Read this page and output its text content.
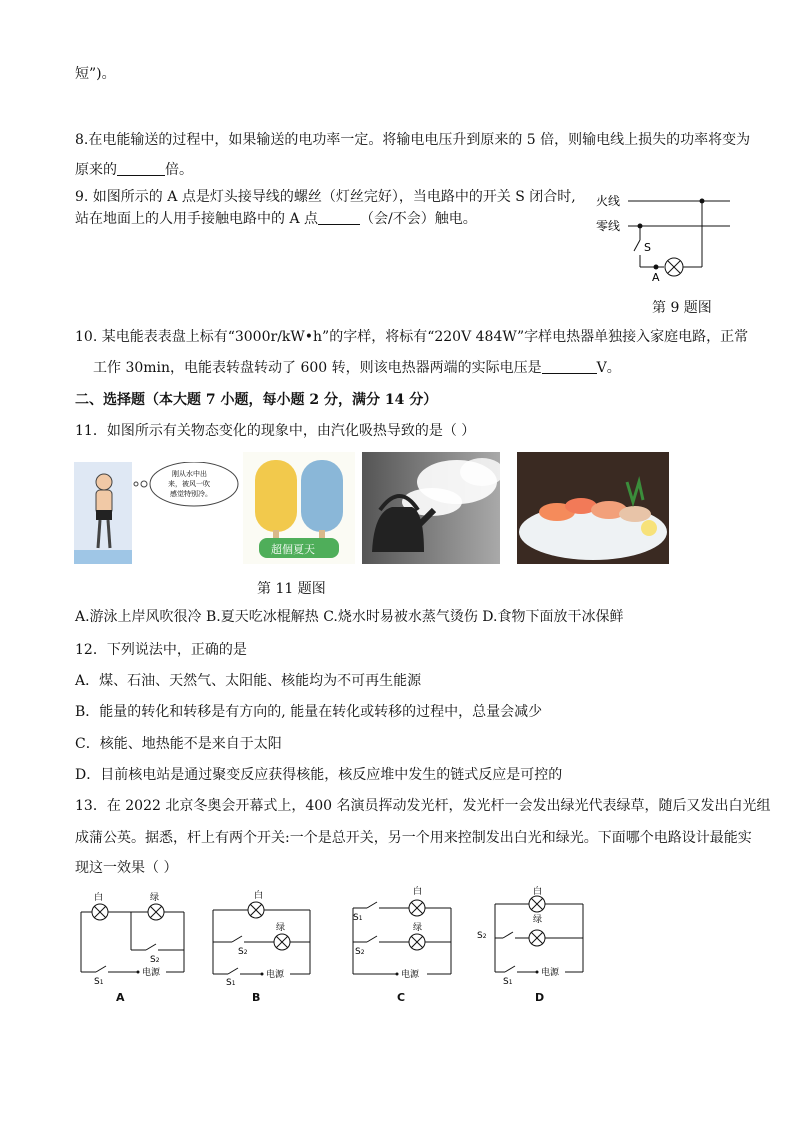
短”)。
8.在电能输送的过程中，如果输送的电功率一定。将输电电压升到原来的 5 倍，则输电线上损失的功率将变为
原来的	倍。
9. 如图所示的 A 点是灯头接导线的螺丝（灯丝完好），当电路中的开关 S 闭合时,
站在地面上的人用手接触电路中的 A 点	（会/不会）触电。
火线
零线
S
A
第 9 题图
10. 某电能表表盘上标有“3000r/kW•h”的字样，将标有“220V 484W”字样电热器单独接入家庭电路，正常
工作 30min，电能表转盘转动了 600 转，则该电热器两端的实际电压是	V。
二、选择题（本大题 7 小题，每小题 2 分，满分 14 分）
11．如图所示有关物态变化的现象中，由汽化吸热导致的是（ ）
刚从水中出
来，被风一吹
感觉特别冷。
超個夏天
第 11 题图
A.游泳上岸风吹很冷 B.夏天吃冰棍解热 C.烧水时易被水蒸气烫伤 D.食物下面放干冰保鲜
12．下列说法中，正确的是
A．煤、石油、天然气、太阳能、核能均为不可再生能源
B．能量的转化和转移是有方向的, 能量在转化或转移的过程中，总量会减少
C．核能、地热能不是来自于太阳
D．目前核电站是通过聚变反应获得核能，核反应堆中发生的链式反应是可控的
13．在 2022 北京冬奥会开幕式上，400 名演员挥动发光杆，发光杆一会发出绿光代表绿草，随后又发出白光组
成蒲公英。据悉，杆上有两个开关:一个是总开关，另一个用来控制发出白光和绿光。下面哪个电路设计最能实
现这一效果（ ）
白	绿
S2
电源
S1
A
白
绿
S2
电源
S1
B
白
S1
绿
S2
电源
C
白
绿
S2
电源
S1
D
